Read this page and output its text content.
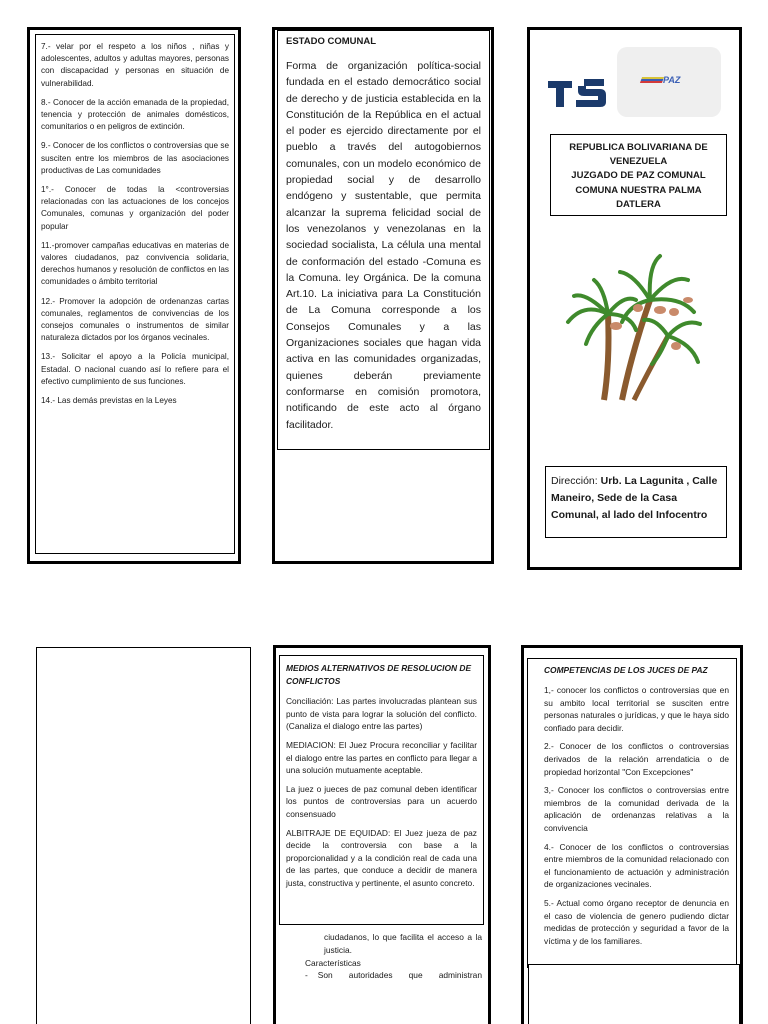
7.- velar por el respeto a los niños , niñas y adolescentes, adultos y adultas mayores, personas con discapacidad y personas en situación de vulnerabilidad.

8.- Conocer de la acción emanada de la propiedad, tenencia y protección de animales domésticos, comunitarios o en peligros de extinción.

9.- Conocer de los conflictos o controversias que se susciten entre los miembros de las asociaciones productivas de Las comunidades

1°.- Conocer de todas la <controversias relacionadas con las actuaciones de los concejos Comunales, comunas y organización del poder popular

11.-promover campañas educativas en materias de valores ciudadanos, paz convivencia solidaria, derechos humanos y resolución de conflictos en las comunidades o ámbito territorial

12.- Promover la adopción de ordenanzas cartas comunales, reglamentos de convivencias de los consejos comunales o instrumentos de similar naturaleza dictados por los órganos vecinales.

13.- Solicitar el apoyo a la Policía municipal, Estadal. O nacional cuando así lo refiere para el efectivo cumplimiento de sus funciones.

14.- Las demás previstas en la Leyes

ESTADO COMUNAL

Forma de organización política-social fundada en el estado democrático social de derecho y de justicia establecida en la Constitución de la República en el actual el poder es ejercido directamente por el pueblo a través del autogobiernos comunales, con un modelo económico de propiedad social y de desarrollo endógeno y sustentable, que permita alcanzar la suprema felicidad social de los venezolanos y venezolanas en la sociedad socialista, La célula una mental de conformación del estado -Comuna es la Comuna. ley Orgánica. De la comuna Art.10. La iniciativa para La Constitución de La Comuna corresponde a los Consejos Comunales y a las Organizaciones sociales que hagan vida activa en las comunidades organizadas, quienes deberán previamente conformarse en comisión promotora, notificando de este acto al órgano facilitador.

PAZ
REPUBLICA BOLIVARIANA DE
VENEZUELA
JUZGADO DE PAZ COMUNAL
COMUNA NUESTRA PALMA
DATLERA
Dirección: Urb. La Lagunita , Calle Maneiro, Sede de la Casa Comunal, al lado del Infocentro
MEDIOS ALTERNATIVOS DE RESOLUCION DE CONFLICTOS

Conciliación: Las partes involucradas plantean sus punto de vista para lograr la solución del conflicto. (Canaliza el dialogo entre las partes)

MEDIACION: El Juez Procura reconciliar y facilitar el dialogo entre las partes en conflicto para llegar a una solución mutuamente aceptable.

La juez o jueces de paz comunal deben identificar los puntos de controversias para un acuerdo consensuado

ALBITRAJE DE EQUIDAD: El Juez jueza de paz decide la controversia con base a la proporcionalidad y a la condición real de cada una de las partes, que conduce a decidir de manera justa, constructiva y pertinente, el asunto concreto.

ciudadanos, lo que facilita el acceso a la justicia.
Características
-	Son autoridades que administran
COMPETENCIAS DE LOS JUCES DE PAZ

1,- conocer los conflictos o controversias que en su ambito local territorial se susciten entre personas naturales o jurídicas, y que le haya sido confiado para decidir.

2.- Conocer de los conflictos o controversias derivados de la relación arrendaticia o de propiedad horizontal "Con Excepciones"

3,- Conocer los conflictos o controversias entre miembros de la comunidad derivada de la aplicación de ordenanzas relativas a la convivencia

4.- Conocer de los conflictos o controversias entre miembros de la comunidad relacionado con el funcionamiento de actuación y administración de organizaciones vecinales.

5.- Actual como órgano receptor de denuncia en el caso de violencia de genero pudiendo dictar medidas de protección y seguridad a favor de la víctima y de los familiares.
